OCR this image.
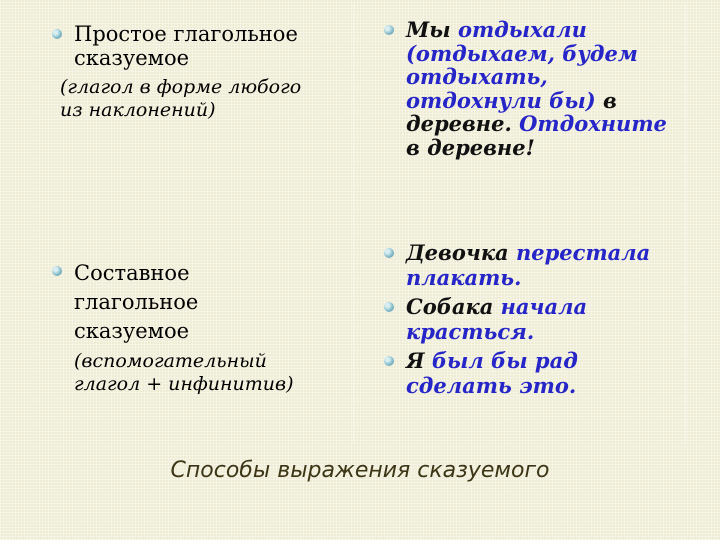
Простое глагольное сказуемое
(глагол в форме любого из наклонений)
Мы отдыхали (отдыхаем, будем отдыхать, отдохнули бы) в деревне. Отдохните в деревне!
Составное глагольное сказуемое
(вспомогательный глагол + инфинитив)
Девочка перестала плакать.
Собака начала красться.
Я был бы рад сделать это.
Способы выражения сказуемого
